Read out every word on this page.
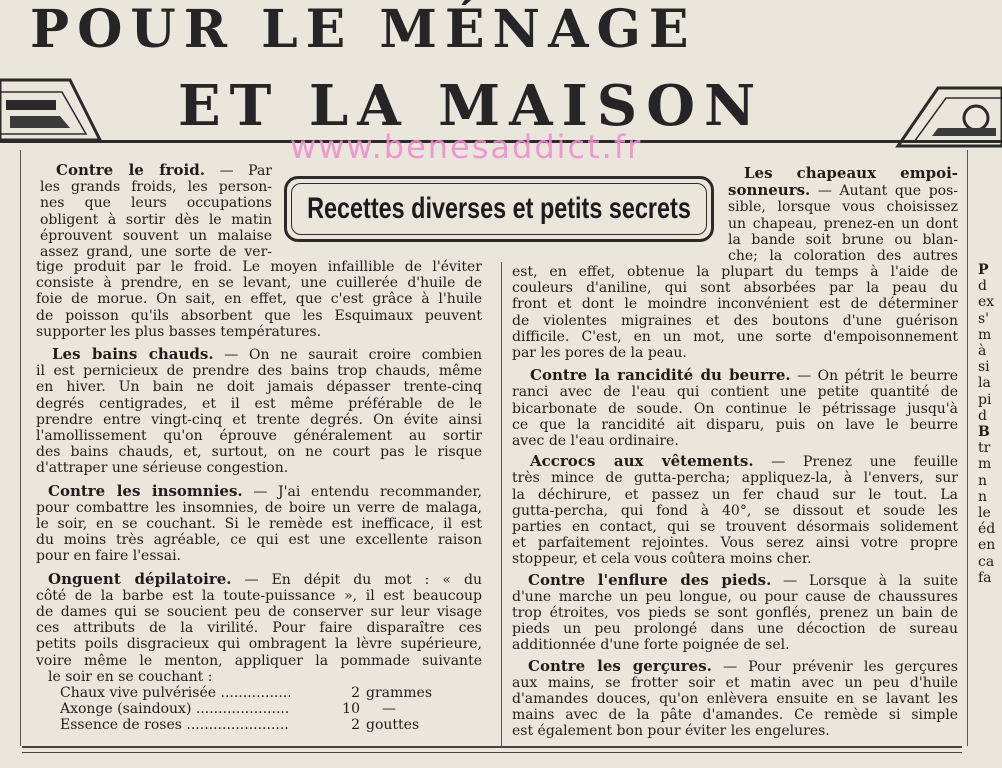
POUR LE MÉNAGE
ET LA MAISON
www.benesaddict.fr
Recettes diverses et petits secrets
Contre le froid. — Par
les grands froids, les person-
nes que leurs occupations
obligent à sortir dès le matin
éprouvent souvent un malaise
assez grand, une sorte de ver-
tige produit par le froid. Le moyen infaillible de l'éviter
consiste à prendre, en se levant, une cuillerée d'huile de
foie de morue. On sait, en effet, que c'est grâce à l'huile
de poisson qu'ils absorbent que les Esquimaux peuvent
supporter les plus basses températures.
Les bains chauds. — On ne saurait croire combien
il est pernicieux de prendre des bains trop chauds, même
en hiver. Un bain ne doit jamais dépasser trente-cinq
degrés centigrades, et il est même préférable de le
prendre entre vingt-cinq et trente degrés. On évite ainsi
l'amollissement qu'on éprouve généralement au sortir
des bains chauds, et, surtout, on ne court pas le risque
d'attraper une sérieuse congestion.
Contre les insomnies. — J'ai entendu recommander,
pour combattre les insomnies, de boire un verre de malaga,
le soir, en se couchant. Si le remède est inefficace, il est
du moins très agréable, ce qui est une excellente raison
pour en faire l'essai.
Onguent dépilatoire. — En dépit du mot : « du
côté de la barbe est la toute-puissance », il est beaucoup
de dames qui se soucient peu de conserver sur leur visage
ces attributs de la virilité. Pour faire disparaître ces
petits poils disgracieux qui ombragent la lèvre supérieure,
voire même le menton, appliquer la pommade suivante
le soir en se couchant :
Chaux vive pulvérisée .....	2 grammes
Axonge (saindoux) .....	10	—
Essence de roses .....	2 gouttes
Les chapeaux empoi-
sonneurs. — Autant que pos-
sible, lorsque vous choisissez
un chapeau, prenez-en un dont
la bande soit brune ou blan-
che; la coloration des autres
est, en effet, obtenue la plupart du temps à l'aide de
couleurs d'aniline, qui sont absorbées par la peau du
front et dont le moindre inconvénient est de déterminer
de violentes migraines et des boutons d'une guérison
difficile. C'est, en un mot, une sorte d'empoisonnement
par les pores de la peau.
Contre la rancidité du beurre. — On pétrit le beurre
ranci avec de l'eau qui contient une petite quantité de
bicarbonate de soude. On continue le pétrissage jusqu'à
ce que la rancidité ait disparu, puis on lave le beurre
avec de l'eau ordinaire.
Accrocs aux vêtements. — Prenez une feuille
très mince de gutta-percha; appliquez-la, à l'envers, sur
la déchirure, et passez un fer chaud sur le tout. La
gutta-percha, qui fond à 40°, se dissout et soude les
parties en contact, qui se trouvent désormais solidement
et parfaitement rejointes. Vous serez ainsi votre propre
stoppeur, et cela vous coûtera moins cher.
Contre l'enflure des pieds. — Lorsque à la suite
d'une marche un peu longue, ou pour cause de chaussures
trop étroites, vos pieds se sont gonflés, prenez un bain de
pieds un peu prolongé dans une décoction de sureau
additionnée d'une forte poignée de sel.
Contre les gerçures. — Pour prévenir les gerçures
aux mains, se frotter soir et matin avec un peu d'huile
d'amandes douces, qu'on enlèvera ensuite en se lavant les
mains avec de la pâte d'amandes. Ce remède si simple
est également bon pour éviter les engelures.
P
d
ex
s'
m
à
si
la
pi
d
B
tr
m
n
n
le
éd
en
ca
fa
